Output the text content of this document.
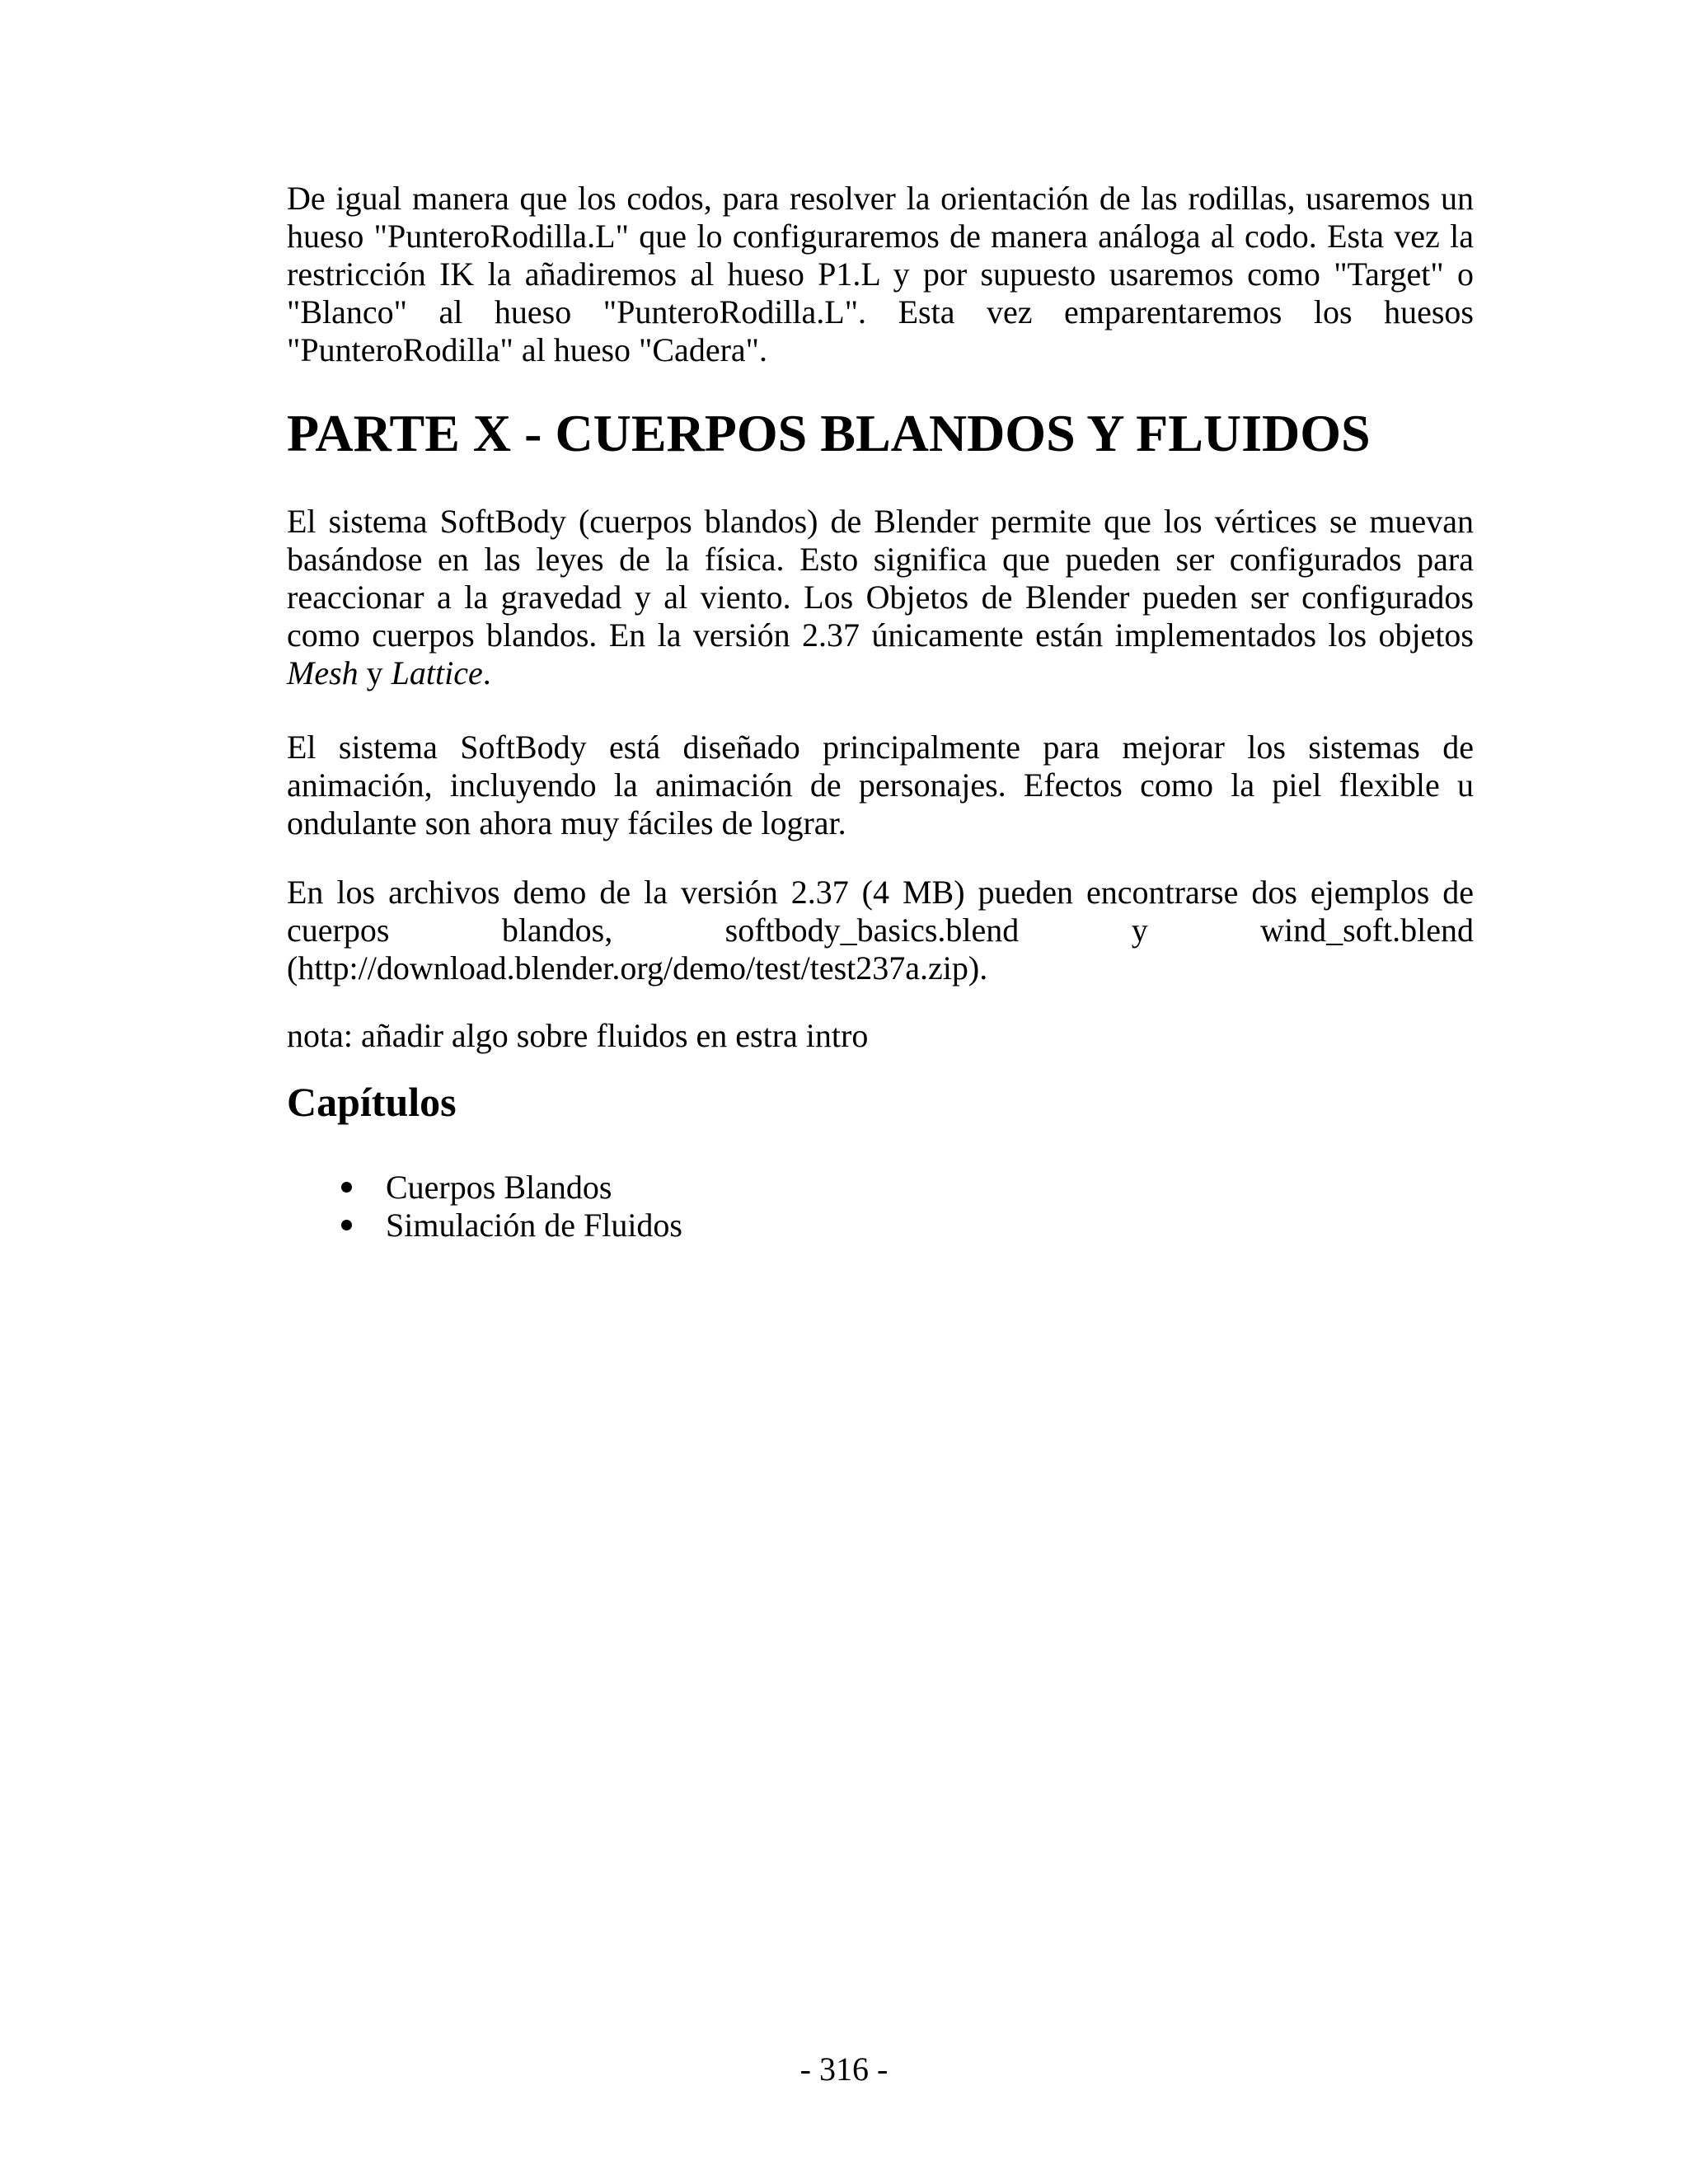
De igual manera que los codos, para resolver la orientación de las rodillas, usaremos un hueso "PunteroRodilla.L" que lo configuraremos de manera análoga al codo. Esta vez la restricción IK la añadiremos al hueso P1.L y por supuesto usaremos como "Target" o "Blanco" al hueso "PunteroRodilla.L". Esta vez emparentaremos los huesos "PunteroRodilla" al hueso "Cadera".

PARTE X - CUERPOS BLANDOS Y FLUIDOS

El sistema SoftBody (cuerpos blandos) de Blender permite que los vértices se muevan basándose en las leyes de la física. Esto significa que pueden ser configurados para reaccionar a la gravedad y al viento. Los Objetos de Blender pueden ser configurados como cuerpos blandos. En la versión 2.37 únicamente están implementados los objetos Mesh y Lattice.

El sistema SoftBody está diseñado principalmente para mejorar los sistemas de animación, incluyendo la animación de personajes. Efectos como la piel flexible u ondulante son ahora muy fáciles de lograr.

En los archivos demo de la versión 2.37 (4 MB) pueden encontrarse dos ejemplos de cuerpos blandos, softbody_basics.blend y wind_soft.blend (http://download.blender.org/demo/test/test237a.zip).

nota: añadir algo sobre fluidos en estra intro

Capítulos
Cuerpos Blandos
Simulación de Fluidos
- 316 -
